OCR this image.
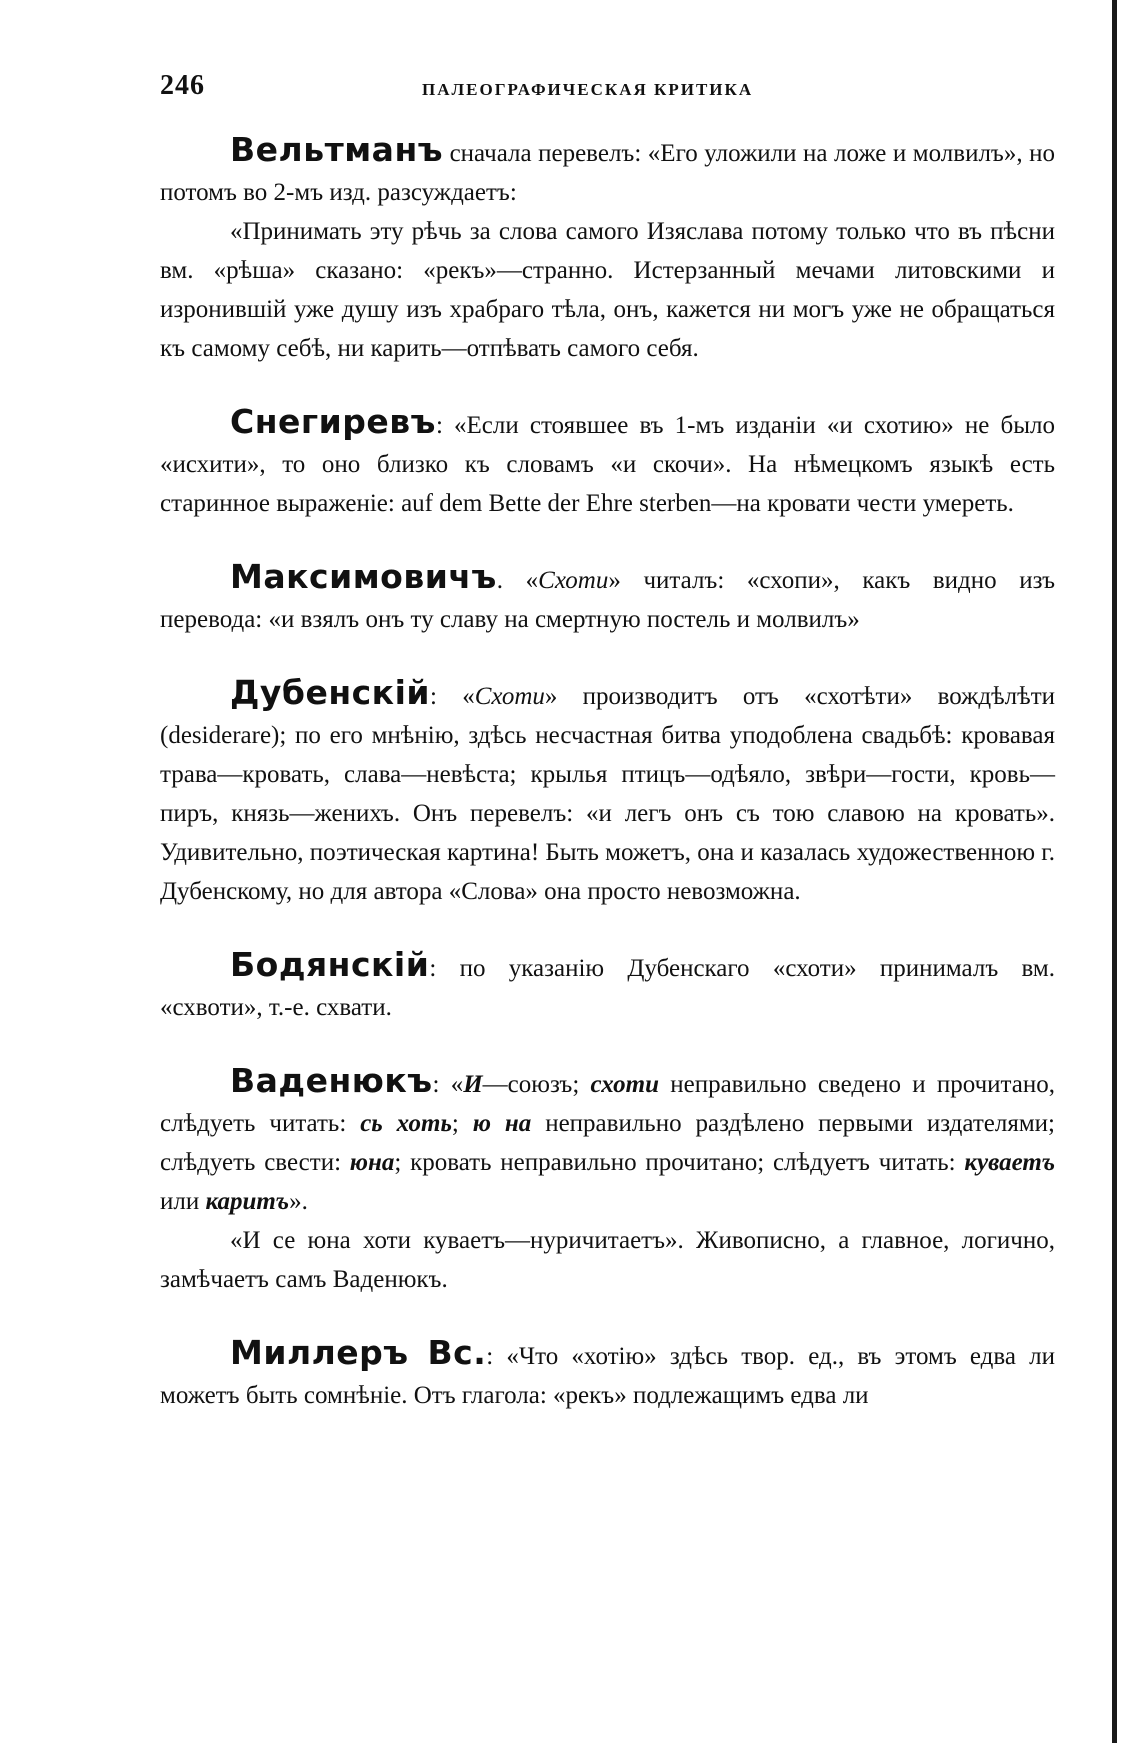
246	ПАЛЕОГРАФИЧЕСКАЯ КРИТИКА

Вельтманъ сначала перевелъ: «Его уложили на ложе и молвилъ», но потомъ во 2-мъ изд. разсуждаетъ:

«Принимать эту рѣчь за слова самого Изяслава потому только что въ пѣсни вм. «рѣша» сказано: «рекъ»—странно. Истерзанный мечами литовскими и изронившій уже душу изъ храбраго тѣла, онъ, кажется ни могъ уже не обращаться къ самому себѣ, ни карить—отпѣвать самого себя.

Снегиревъ: «Если стоявшее въ 1-мъ изданіи «и схотию» не было «исхити», то оно близко къ словамъ «и скочи». На нѣмецкомъ языкѣ есть старинное выраженіе: auf dem Bette der Ehre sterben—на кровати чести умереть.

Максимовичъ. «Схоти» читалъ: «схопи», какъ видно изъ перевода: «и взялъ онъ ту славу на смертную постель и молвилъ»

Дубенскій: «Схоти» производитъ отъ «схотѣти» вождѣлѣти (desiderare); по его мнѣнію, здѣсь несчастная битва уподоблена свадьбѣ: кровавая трава—кровать, слава—невѣста; крылья птицъ—одѣяло, звѣри—гости, кровь—пиръ, князь—женихъ. Онъ перевелъ: «и легъ онъ съ тою славою на кровать». Удивительно, поэтическая картина! Быть можетъ, она и казалась художественною г. Дубенскому, но для автора «Слова» она просто невозможна.

Бодянскій: по указанію Дубенскаго «схоти» принималъ вм. «схвоти», т.-е. схвати.

Ваденюкъ: «И—союзъ; схоти неправильно сведено и прочитано, слѣдуеть читать: сь хоть; ю на неправильно раздѣлено первыми издателями; слѣдуеть свести: юна; кровать неправильно прочитано; слѣдуетъ читать: куваетъ или каритъ».

«И се юна хоти куваетъ—нуричитаетъ». Живописно, а главное, логично, замѣчаетъ самъ Ваденюкъ.

Миллеръ Вс.: «Что «хотію» здѣсь твор. ед., въ этомъ едва ли можетъ быть сомнѣніе. Отъ глагола: «рекъ» подлежащимъ едва ли
